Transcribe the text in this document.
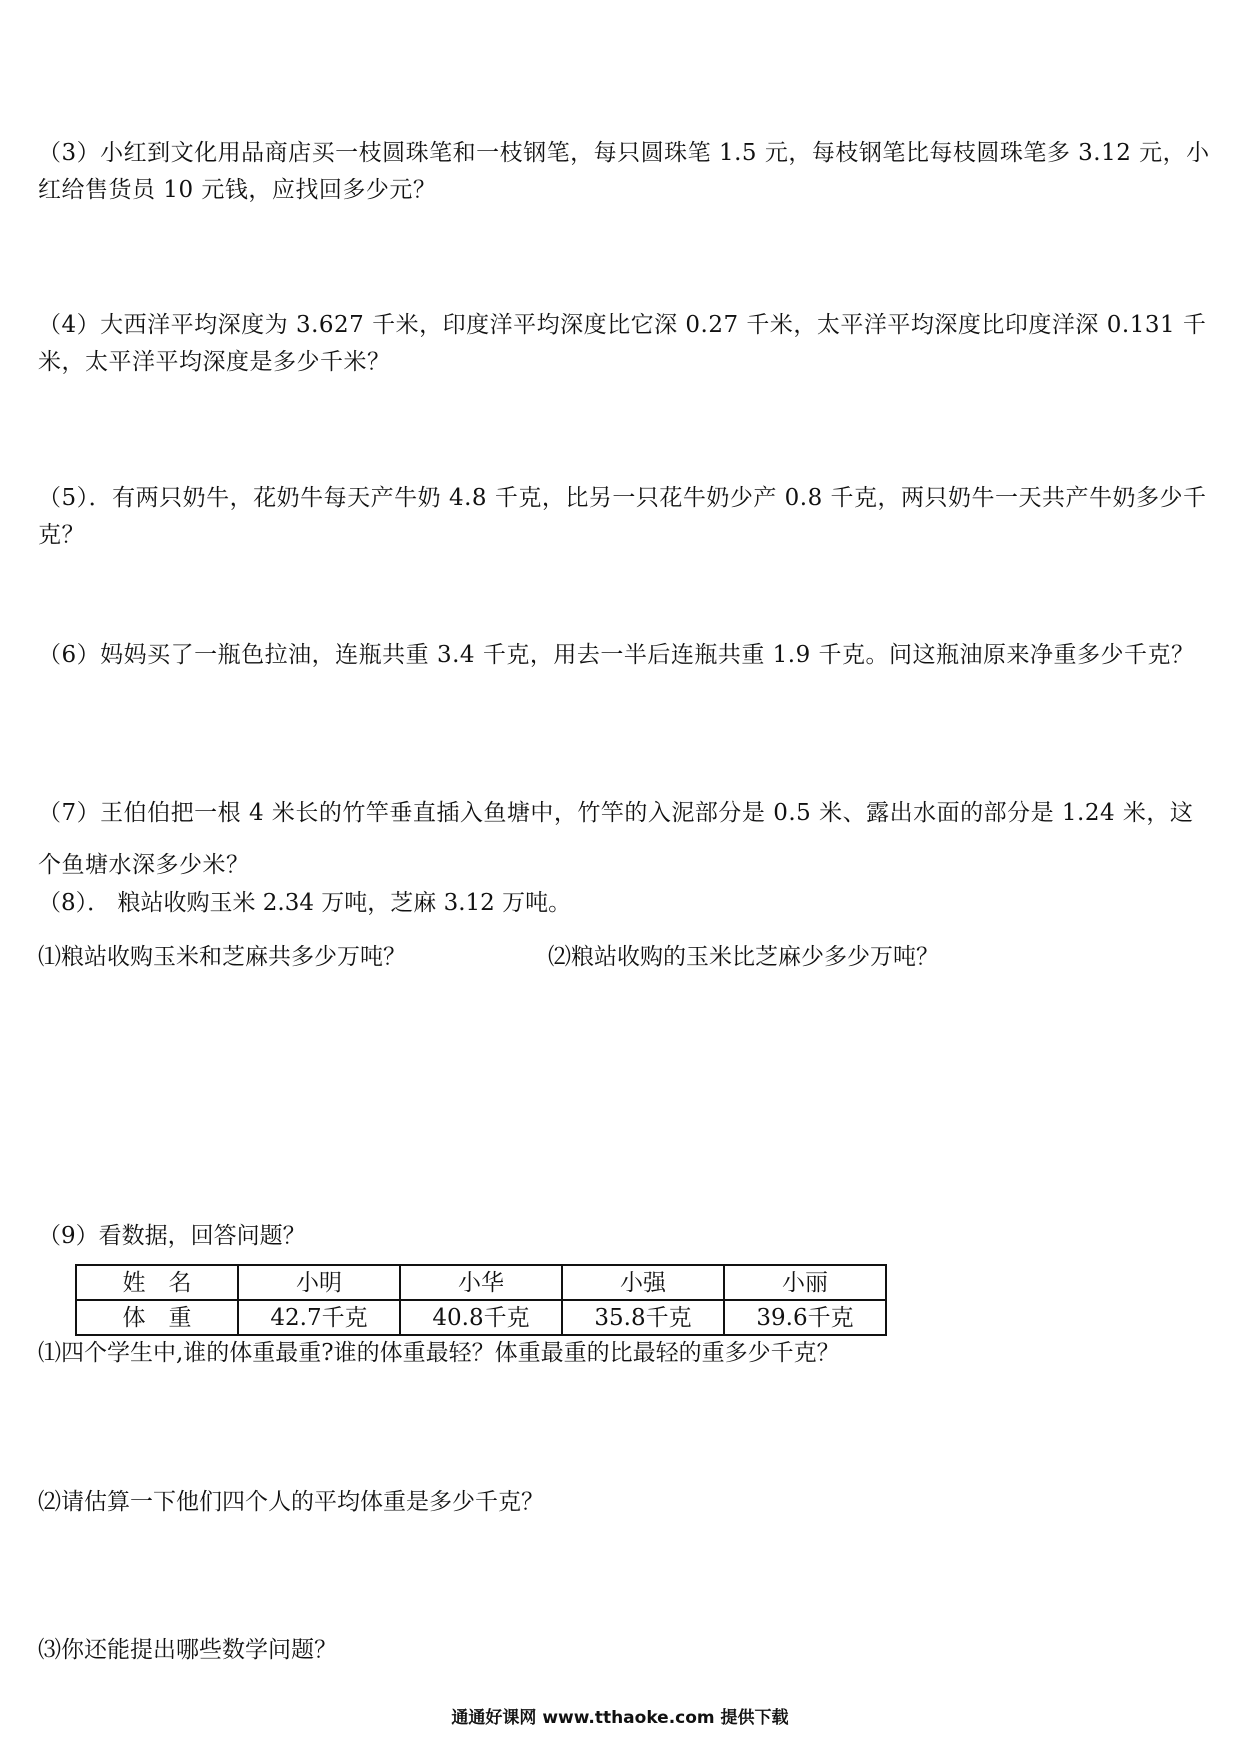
（3）小红到文化用品商店买一枝圆珠笔和一枝钢笔，每只圆珠笔 1.5 元，每枝钢笔比每枝圆珠笔多 3.12 元，小红给售货员 10 元钱，应找回多少元？

（4）大西洋平均深度为 3.627 千米，印度洋平均深度比它深 0.27 千米，太平洋平均深度比印度洋深 0.131 千米，太平洋平均深度是多少千米？

（5）．有两只奶牛，花奶牛每天产牛奶 4.8 千克，比另一只花牛奶少产 0.8 千克，两只奶牛一天共产牛奶多少千克？

（6）妈妈买了一瓶色拉油，连瓶共重 3.4 千克，用去一半后连瓶共重 1.9 千克。问这瓶油原来净重多少千克？

（7）王伯伯把一根 4 米长的竹竿垂直插入鱼塘中，竹竿的入泥部分是 0.5 米、露出水面的部分是 1.24 米，这个鱼塘水深多少米？

（8）． 粮站收购玉米 2.34 万吨，芝麻 3.12 万吨。

⑴粮站收购玉米和芝麻共多少万吨？	⑵粮站收购的玉米比芝麻少多少万吨？

（9）看数据，回答问题？

姓　名	小明	小华	小强	小丽
体　重	42.7千克	40.8千克	35.8千克	39.6千克

⑴四个学生中,谁的体重最重?谁的体重最轻？体重最重的比最轻的重多少千克？

⑵请估算一下他们四个人的平均体重是多少千克？

⑶你还能提出哪些数学问题？

通通好课网 www.tthaoke.com 提供下载
